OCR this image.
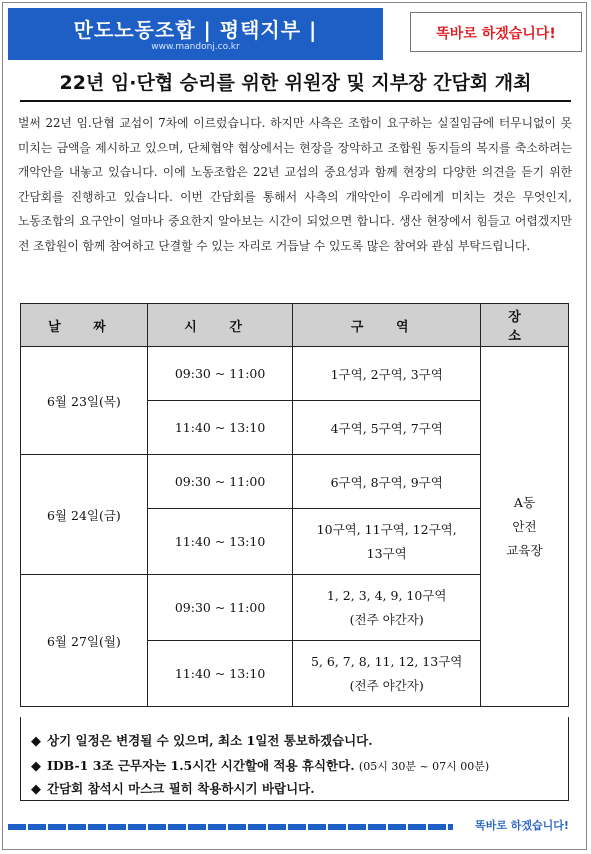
만도노동조합 | 평택지부 |
www.mandonj.co.kr
똑바로 하겠습니다!
22년 임·단협 승리를 위한 위원장 및 지부장 간담회 개최
벌써 22년 임.단협 교섭이 7차에 이르렀습니다. 하지만 사측은 조합이 요구하는 실질임금에 터무니없이 못 미치는 금액을 제시하고 있으며, 단체협약 협상에서는 현장을 장악하고 조합원 동지들의 복지를 축소하려는 개악안을 내놓고 있습니다. 이에 노동조합은 22년 교섭의 중요성과 함께 현장의 다양한 의견을 듣기 위한 간담회를 진행하고 있습니다. 이번 간담회를 통해서 사측의 개악안이 우리에게 미치는 것은 무엇인지, 노동조합의 요구안이 얼마나 중요한지 알아보는 시간이 되었으면 합니다. 생산 현장에서 힘들고 어렵겠지만 전 조합원이 함께 참여하고 단결할 수 있는 자리로 거듭날 수 있도록 많은 참여와 관심 부탁드립니다.
날 짜	시 간	구 역	장 소
6월 23일(목)	09:30 ~ 11:00	1구역, 2구역, 3구역	A동
안전
교육장

	11:40 ~ 13:10	4구역, 5구역, 7구역	
6월 24일(금)	09:30 ~ 11:00	6구역, 8구역, 9구역	
	11:40 ~ 13:10	10구역, 11구역, 12구역,
13구역	

6월 27일(월)	09:30 ~ 11:00	1, 2, 3, 4, 9, 10구역
(전주 야간자)	

	11:40 ~ 13:10	5, 6, 7, 8, 11, 12, 13구역
(전주 야간자)	
◆ 상기 일정은 변경될 수 있으며, 최소 1일전 통보하겠습니다.
◆ IDB-1 3조 근무자는 1.5시간 시간할애 적용 휴식한다. (05시 30분 ~ 07시 00분)
◆ 간담회 참석시 마스크 필히 착용하시기 바랍니다.
똑바로 하겠습니다!
